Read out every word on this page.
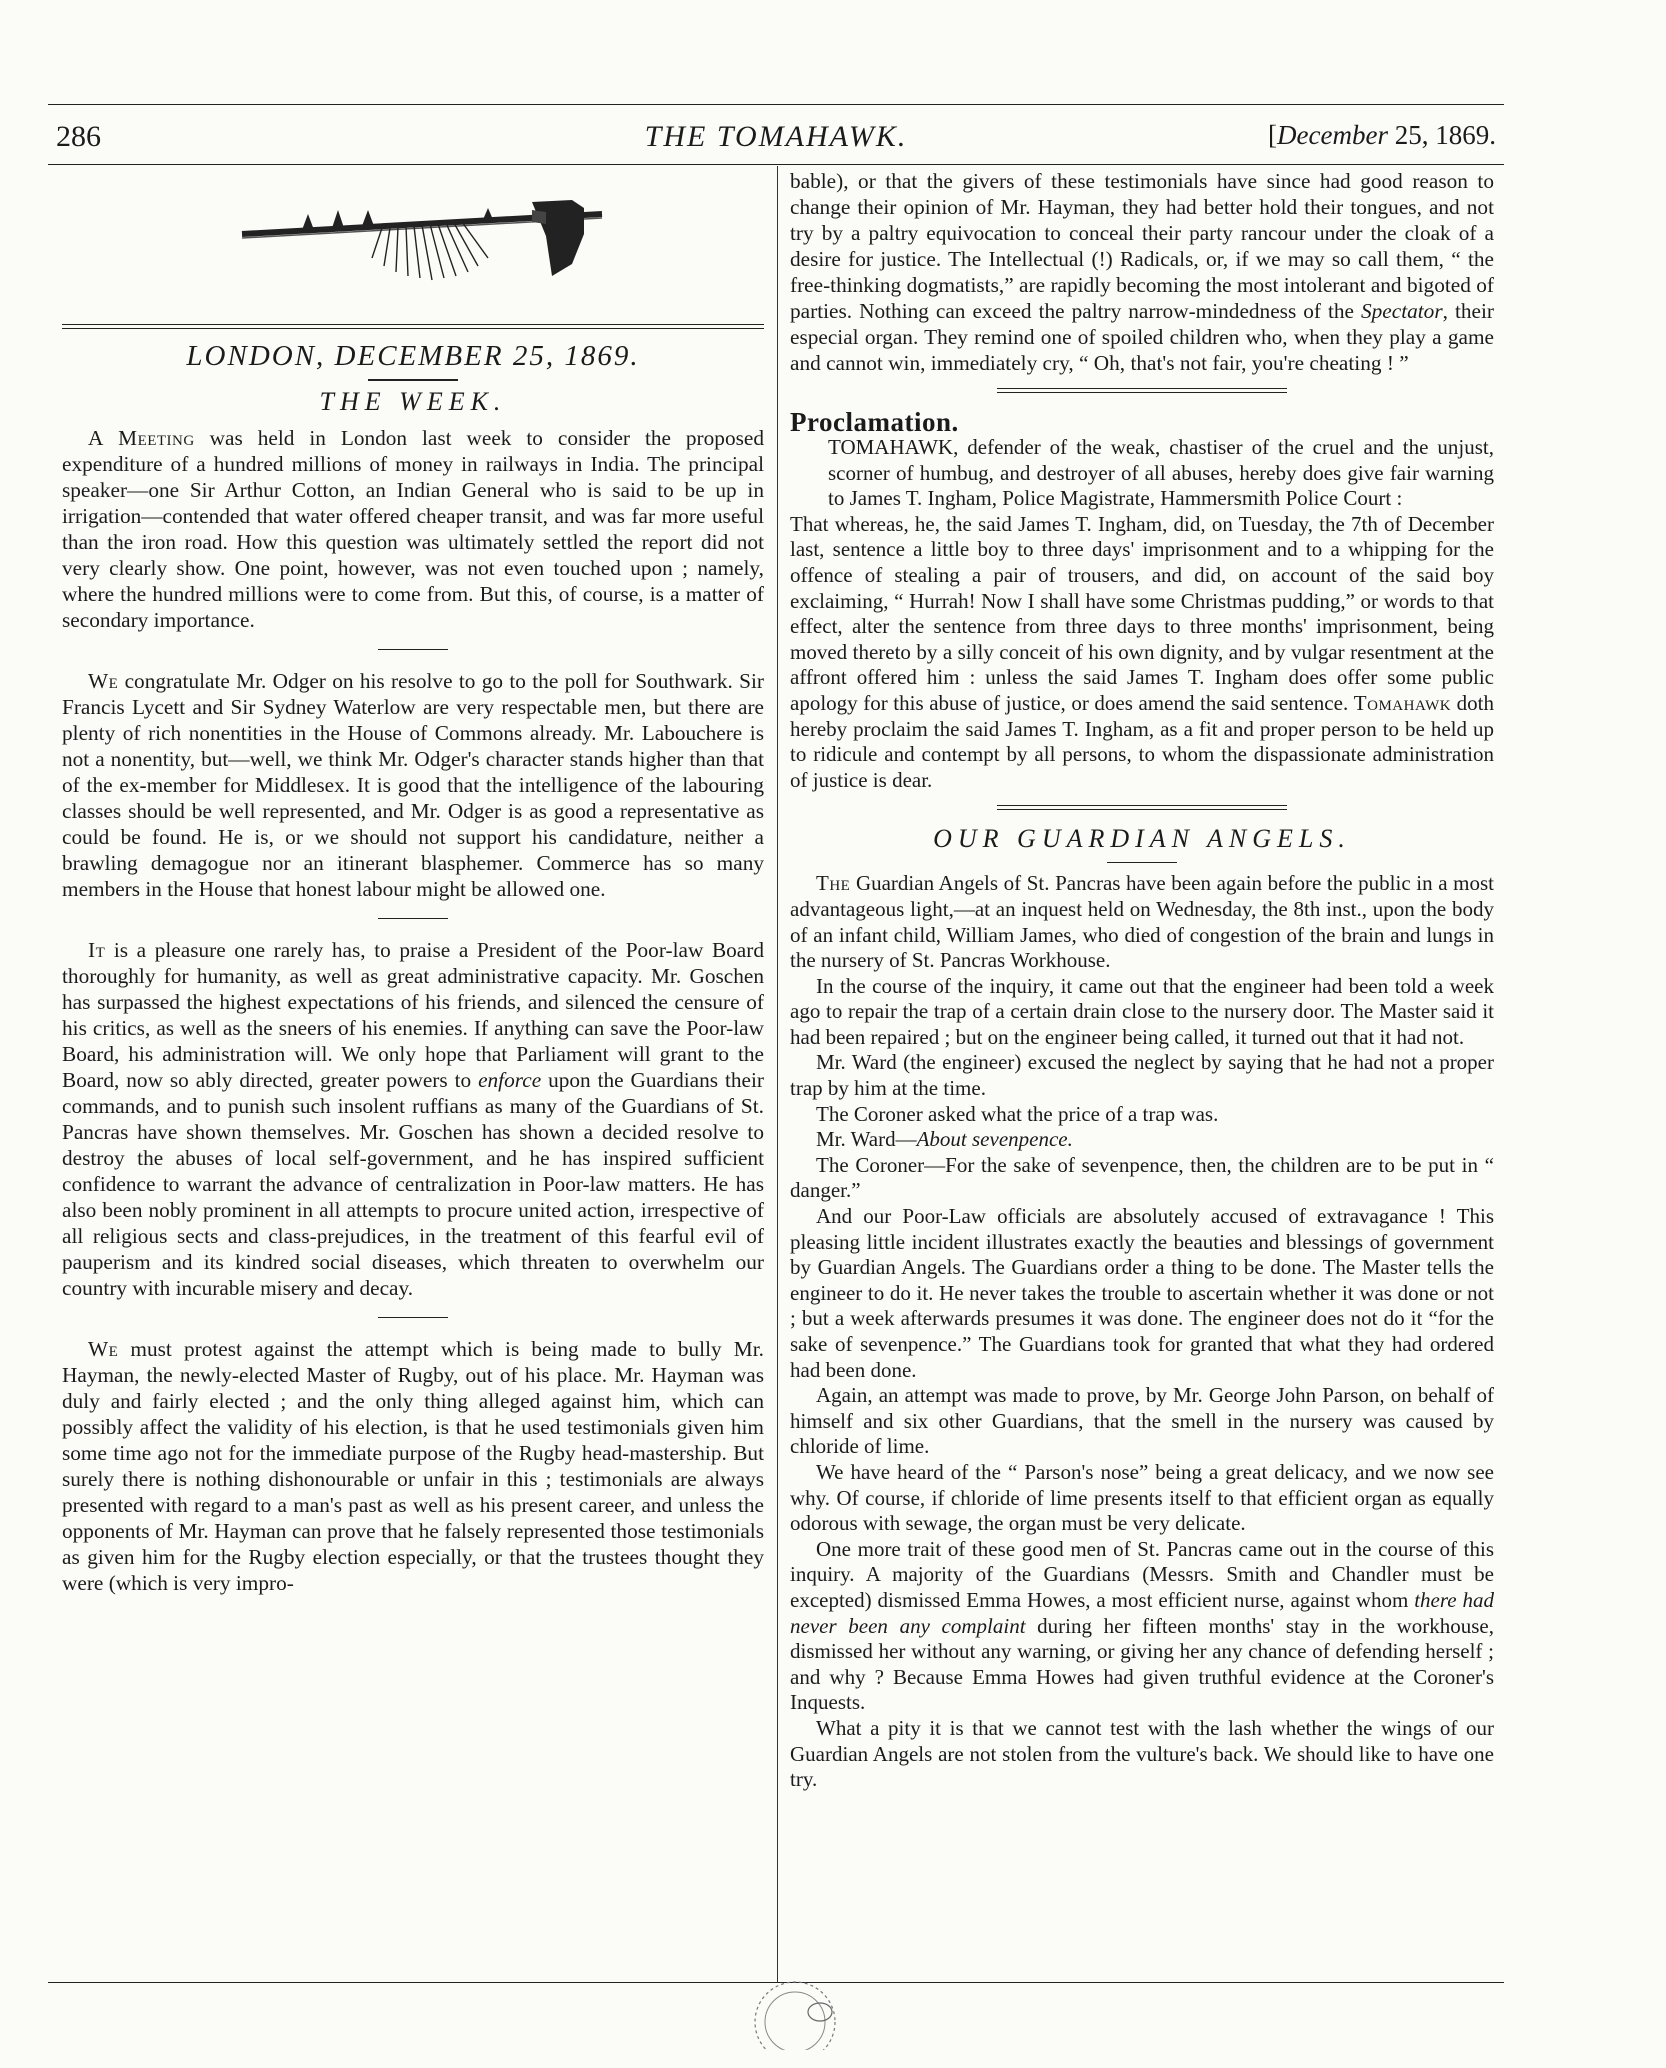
286	THE TOMAHAWK.	[December 25, 1869.
LONDON, DECEMBER 25, 1869.
THE WEEK.

A Meeting was held in London last week to consider the proposed expenditure of a hundred millions of money in railways in India. The principal speaker—one Sir Arthur Cotton, an Indian General who is said to be up in irrigation—contended that water offered cheaper transit, and was far more useful than the iron road. How this question was ultimately settled the report did not very clearly show. One point, however, was not even touched upon ; namely, where the hundred millions were to come from. But this, of course, is a matter of secondary importance.

We congratulate Mr. Odger on his resolve to go to the poll for Southwark. Sir Francis Lycett and Sir Sydney Waterlow are very respectable men, but there are plenty of rich nonentities in the House of Commons already. Mr. Labouchere is not a nonentity, but—well, we think Mr. Odger's character stands higher than that of the ex-member for Middlesex. It is good that the intelligence of the labouring classes should be well represented, and Mr. Odger is as good a representative as could be found. He is, or we should not support his candidature, neither a brawling demagogue nor an itinerant blasphemer. Commerce has so many members in the House that honest labour might be allowed one.

It is a pleasure one rarely has, to praise a President of the Poor-law Board thoroughly for humanity, as well as great administrative capacity. Mr. Goschen has surpassed the highest expectations of his friends, and silenced the censure of his critics, as well as the sneers of his enemies. If anything can save the Poor-law Board, his administration will. We only hope that Parliament will grant to the Board, now so ably directed, greater powers to enforce upon the Guardians their commands, and to punish such insolent ruffians as many of the Guardians of St. Pancras have shown themselves. Mr. Goschen has shown a decided resolve to destroy the abuses of local self-government, and he has inspired sufficient confidence to warrant the advance of centralization in Poor-law matters. He has also been nobly prominent in all attempts to procure united action, irrespective of all religious sects and class-prejudices, in the treatment of this fearful evil of pauperism and its kindred social diseases, which threaten to overwhelm our country with incurable misery and decay.

We must protest against the attempt which is being made to bully Mr. Hayman, the newly-elected Master of Rugby, out of his place. Mr. Hayman was duly and fairly elected ; and the only thing alleged against him, which can possibly affect the validity of his election, is that he used testimonials given him some time ago not for the immediate purpose of the Rugby head-mastership. But surely there is nothing dishonourable or unfair in this ; testimonials are always presented with regard to a man's past as well as his present career, and unless the opponents of Mr. Hayman can prove that he falsely represented those testimonials as given him for the Rugby election especially, or that the trustees thought they were (which is very impro-

bable), or that the givers of these testimonials have since had good reason to change their opinion of Mr. Hayman, they had better hold their tongues, and not try by a paltry equivocation to conceal their party rancour under the cloak of a desire for justice. The Intellectual (!) Radicals, or, if we may so call them, “ the free-thinking dogmatists,” are rapidly becoming the most intolerant and bigoted of parties. Nothing can exceed the paltry narrow-mindedness of the Spectator, their especial organ. They remind one of spoiled children who, when they play a game and cannot win, immediately cry, “ Oh, that's not fair, you're cheating ! ”

Proclamation.

TOMAHAWK, defender of the weak, chastiser of the cruel and the unjust, scorner of humbug, and destroyer of all abuses, hereby does give fair warning to James T. Ingham, Police Magistrate, Hammersmith Police Court :

That whereas, he, the said James T. Ingham, did, on Tuesday, the 7th of December last, sentence a little boy to three days' imprisonment and to a whipping for the offence of stealing a pair of trousers, and did, on account of the said boy exclaiming, “ Hurrah! Now I shall have some Christmas pudding,” or words to that effect, alter the sentence from three days to three months' imprisonment, being moved thereto by a silly conceit of his own dignity, and by vulgar resentment at the affront offered him : unless the said James T. Ingham does offer some public apology for this abuse of justice, or does amend the said sentence. Tomahawk doth hereby proclaim the said James T. Ingham, as a fit and proper person to be held up to ridicule and contempt by all persons, to whom the dispassionate administration of justice is dear.

OUR GUARDIAN ANGELS.

The Guardian Angels of St. Pancras have been again before the public in a most advantageous light,—at an inquest held on Wednesday, the 8th inst., upon the body of an infant child, William James, who died of congestion of the brain and lungs in the nursery of St. Pancras Workhouse.

In the course of the inquiry, it came out that the engineer had been told a week ago to repair the trap of a certain drain close to the nursery door. The Master said it had been repaired ; but on the engineer being called, it turned out that it had not.

Mr. Ward (the engineer) excused the neglect by saying that he had not a proper trap by him at the time.

The Coroner asked what the price of a trap was.

Mr. Ward—About sevenpence.

The Coroner—For the sake of sevenpence, then, the children are to be put in “ danger.”

And our Poor-Law officials are absolutely accused of extravagance ! This pleasing little incident illustrates exactly the beauties and blessings of government by Guardian Angels. The Guardians order a thing to be done. The Master tells the engineer to do it. He never takes the trouble to ascertain whether it was done or not ; but a week afterwards presumes it was done. The engineer does not do it “for the sake of sevenpence.” The Guardians took for granted that what they had ordered had been done.

Again, an attempt was made to prove, by Mr. George John Parson, on behalf of himself and six other Guardians, that the smell in the nursery was caused by chloride of lime.

We have heard of the “ Parson's nose” being a great delicacy, and we now see why. Of course, if chloride of lime presents itself to that efficient organ as equally odorous with sewage, the organ must be very delicate.

One more trait of these good men of St. Pancras came out in the course of this inquiry. A majority of the Guardians (Messrs. Smith and Chandler must be excepted) dismissed Emma Howes, a most efficient nurse, against whom there had never been any complaint during her fifteen months' stay in the workhouse, dismissed her without any warning, or giving her any chance of defending herself ; and why ? Because Emma Howes had given truthful evidence at the Coroner's Inquests.

What a pity it is that we cannot test with the lash whether the wings of our Guardian Angels are not stolen from the vulture's back. We should like to have one try.
